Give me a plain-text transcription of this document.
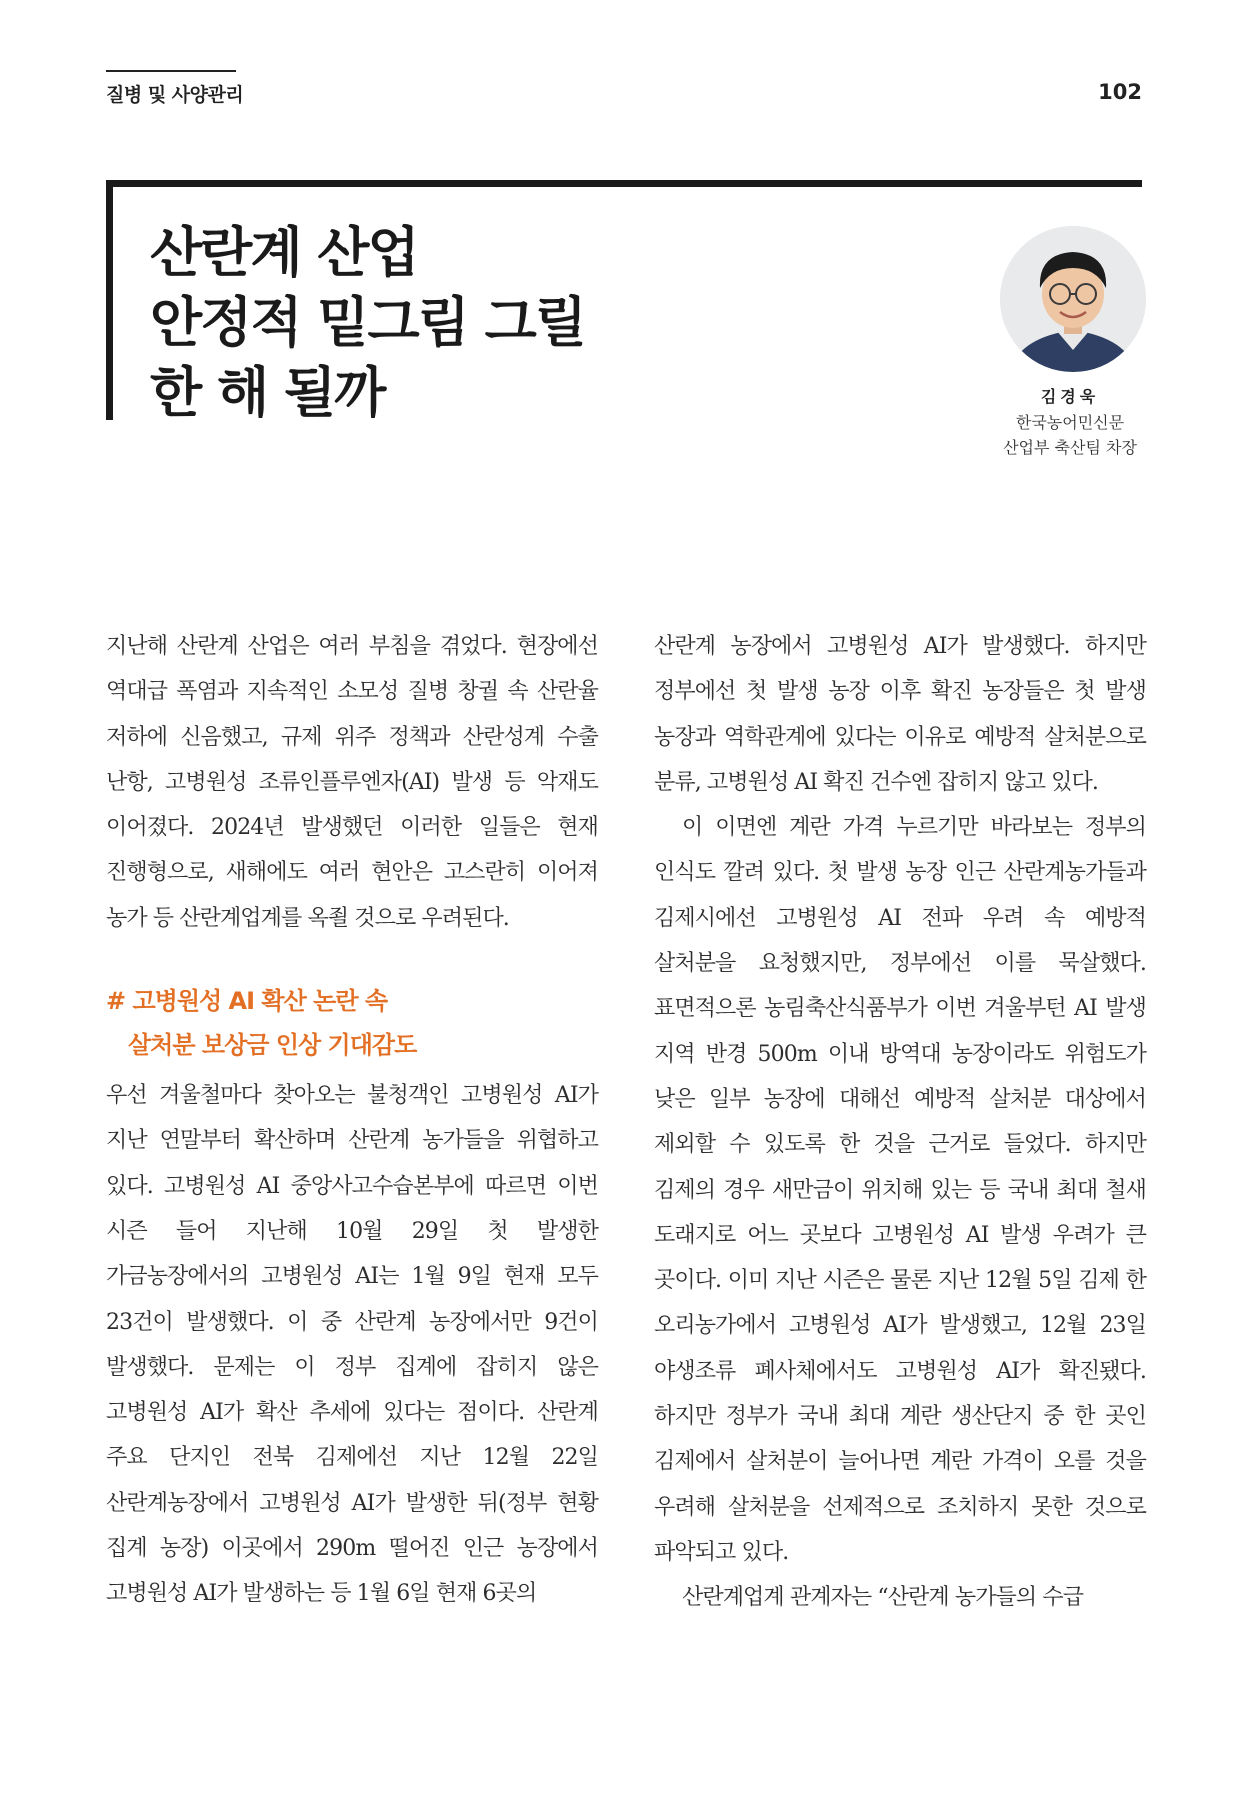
질병 및 사양관리	102
산란계 산업
안정적 밑그림 그릴
한 해 될까	김경욱
한국농어민신문
산업부 축산팀 차장

지난해 산란계 산업은 여러 부침을 겪었다. 현장에선 역대급 폭염과 지속적인 소모성 질병 창궐 속 산란율 저하에 신음했고, 규제 위주 정책과 산란성계 수출 난항, 고병원성 조류인플루엔자(AI) 발생 등 악재도 이어졌다. 2024년 발생했던 이러한 일들은 현재 진행형으로, 새해에도 여러 현안은 고스란히 이어져 농가 등 산란계업계를 옥죌 것으로 우려된다.

# 고병원성 AI 확산 논란 속
살처분 보상금 인상 기대감도

우선 겨울철마다 찾아오는 불청객인 고병원성 AI가 지난 연말부터 확산하며 산란계 농가들을 위협하고 있다. 고병원성 AI 중앙사고수습본부에 따르면 이번 시즌 들어 지난해 10월 29일 첫 발생한 가금농장에서의 고병원성 AI는 1월 9일 현재 모두 23건이 발생했다. 이 중 산란계 농장에서만 9건이 발생했다. 문제는 이 정부 집계에 잡히지 않은 고병원성 AI가 확산 추세에 있다는 점이다. 산란계 주요 단지인 전북 김제에선 지난 12월 22일 산란계농장에서 고병원성 AI가 발생한 뒤(정부 현황 집계 농장) 이곳에서 290m 떨어진 인근 농장에서 고병원성 AI가 발생하는 등 1월 6일 현재 6곳의

산란계 농장에서 고병원성 AI가 발생했다. 하지만 정부에선 첫 발생 농장 이후 확진 농장들은 첫 발생 농장과 역학관계에 있다는 이유로 예방적 살처분으로 분류, 고병원성 AI 확진 건수엔 잡히지 않고 있다.

이 이면엔 계란 가격 누르기만 바라보는 정부의 인식도 깔려 있다. 첫 발생 농장 인근 산란계농가들과 김제시에선 고병원성 AI 전파 우려 속 예방적 살처분을 요청했지만, 정부에선 이를 묵살했다. 표면적으론 농림축산식품부가 이번 겨울부턴 AI 발생 지역 반경 500m 이내 방역대 농장이라도 위험도가 낮은 일부 농장에 대해선 예방적 살처분 대상에서 제외할 수 있도록 한 것을 근거로 들었다. 하지만 김제의 경우 새만금이 위치해 있는 등 국내 최대 철새 도래지로 어느 곳보다 고병원성 AI 발생 우려가 큰 곳이다. 이미 지난 시즌은 물론 지난 12월 5일 김제 한 오리농가에서 고병원성 AI가 발생했고, 12월 23일 야생조류 폐사체에서도 고병원성 AI가 확진됐다. 하지만 정부가 국내 최대 계란 생산단지 중 한 곳인 김제에서 살처분이 늘어나면 계란 가격이 오를 것을 우려해 살처분을 선제적으로 조치하지 못한 것으로 파악되고 있다.

산란계업계 관계자는 “산란계 농가들의 수급
